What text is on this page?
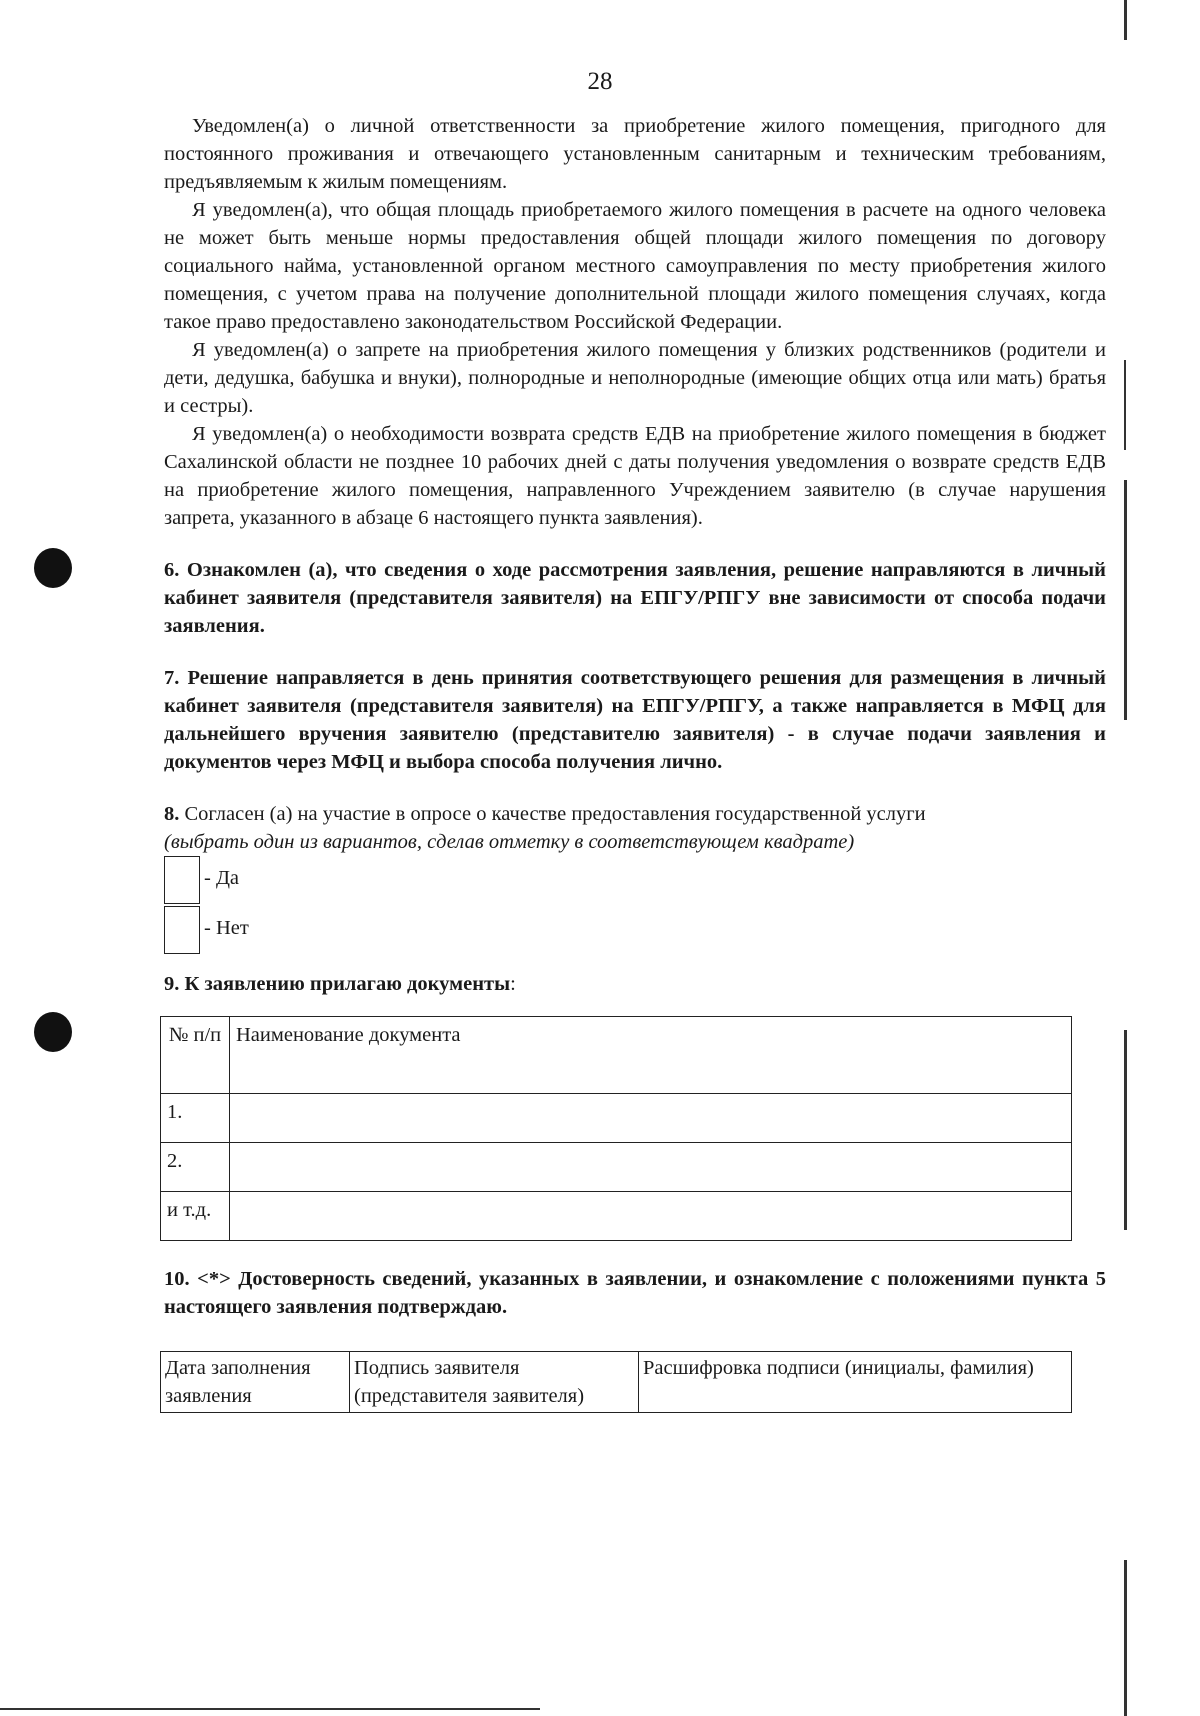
28

Уведомлен(а) о личной ответственности за приобретение жилого помещения, пригодного для постоянного проживания и отвечающего установленным санитарным и техническим требованиям, предъявляемым к жилым помещениям.

Я уведомлен(а), что общая площадь приобретаемого жилого помещения в расчете на одного человека не может быть меньше нормы предоставления общей площади жилого помещения по договору социального найма, установленной органом местного самоуправления по месту приобретения жилого помещения, с учетом права на получение дополнительной площади жилого помещения случаях, когда такое право предоставлено законодательством Российской Федерации.

Я уведомлен(а) о запрете на приобретения жилого помещения у близких родственников (родители и дети, дедушка, бабушка и внуки), полнородные и неполнородные (имеющие общих отца или мать) братья и сестры).

Я уведомлен(а) о необходимости возврата средств ЕДВ на приобретение жилого помещения в бюджет Сахалинской области не позднее 10 рабочих дней с даты получения уведомления о возврате средств ЕДВ на приобретение жилого помещения, направленного Учреждением заявителю (в случае нарушения запрета, указанного в абзаце 6 настоящего пункта заявления).

6. Ознакомлен (а), что сведения о ходе рассмотрения заявления, решение направляются в личный кабинет заявителя (представителя заявителя) на ЕПГУ/РПГУ вне зависимости от способа подачи заявления.

7. Решение направляется в день принятия соответствующего решения для размещения в личный кабинет заявителя (представителя заявителя) на ЕПГУ/РПГУ, а также направляется в МФЦ для дальнейшего вручения заявителю (представителю заявителя) - в случае подачи заявления и документов через МФЦ и выбора способа получения лично.

8. Согласен (а) на участие в опросе о качестве предоставления государственной услуги

(выбрать один из вариантов, сделав отметку в соответствующем квадрате)

- Да
- Нет

9. К заявлению прилагаю документы:

№ п/п	Наименование документа
1.	
2.	
и т.д.	

10. <*> Достоверность сведений, указанных в заявлении, и ознакомление с положениями пункта 5 настоящего заявления подтверждаю.

Дата заполнения заявления	Подпись заявителя (представителя заявителя)	Расшифровка подписи (инициалы, фамилия)
